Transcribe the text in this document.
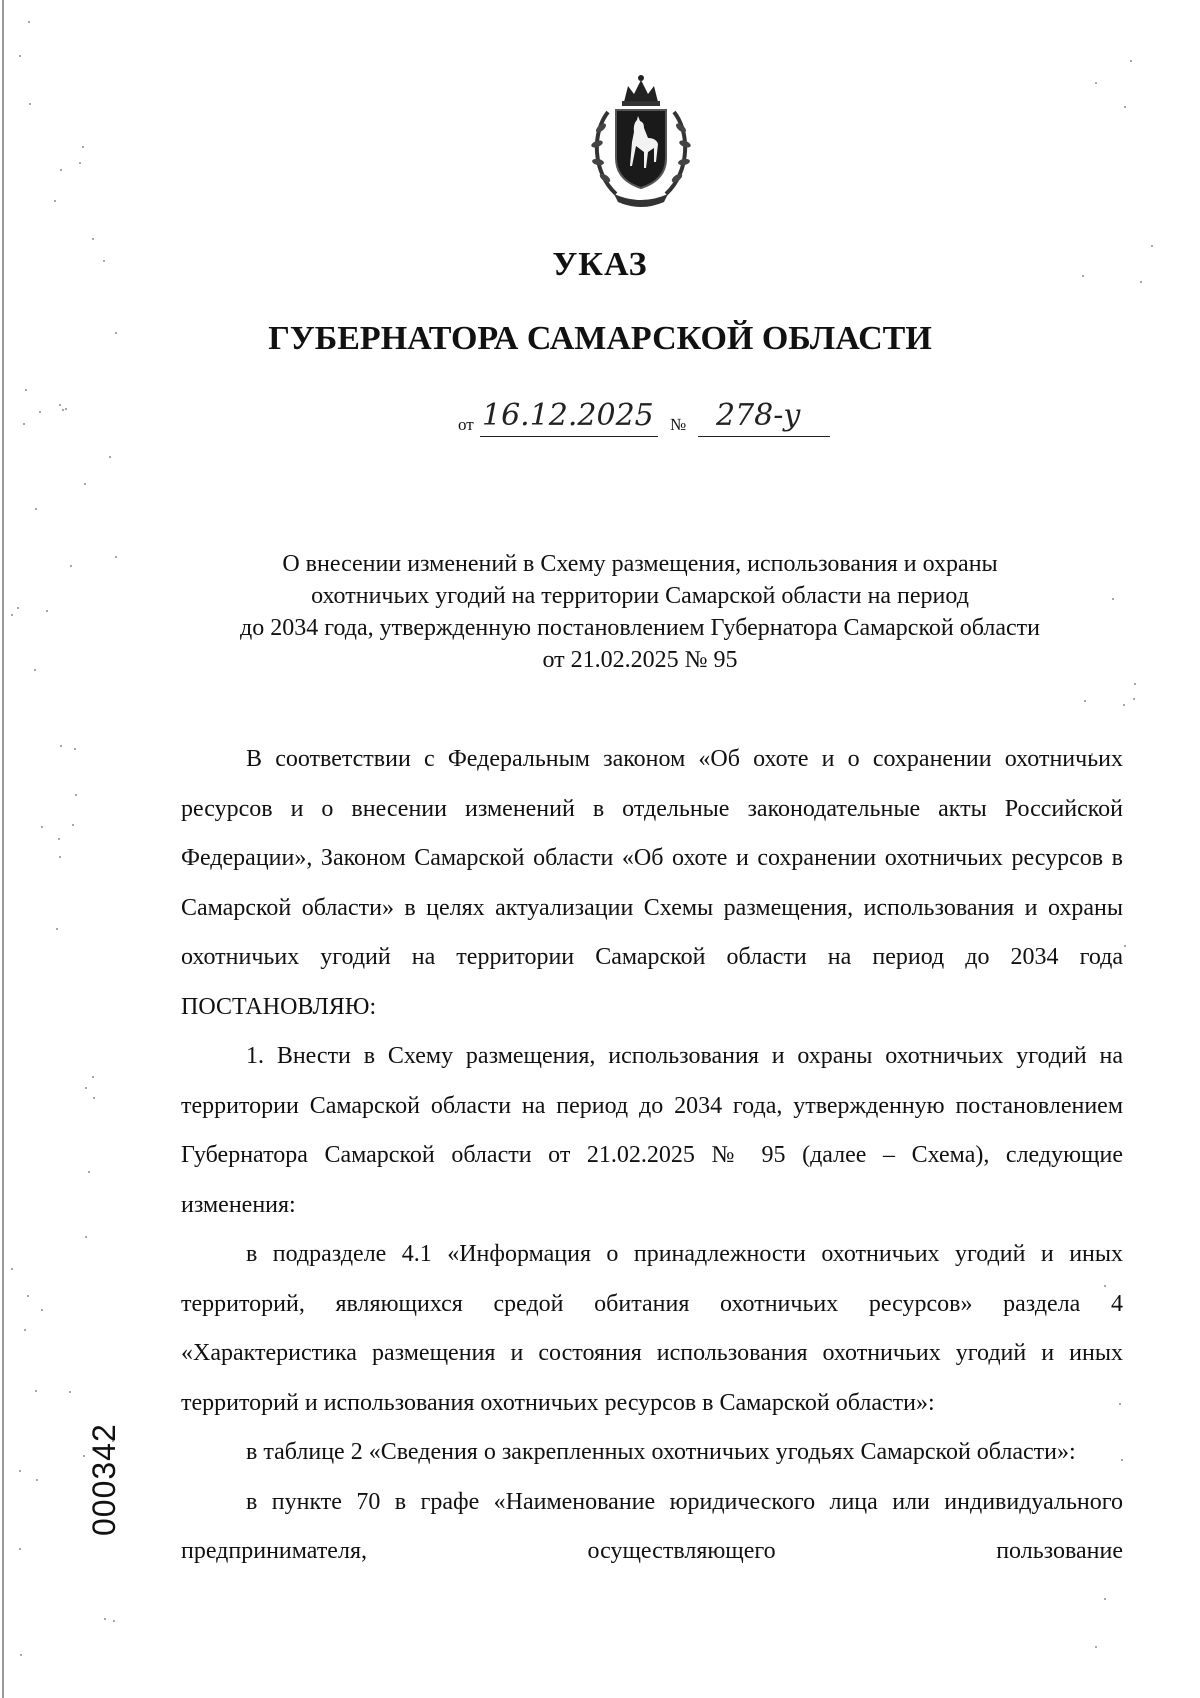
УКАЗ
ГУБЕРНАТОРА САМАРСКОЙ ОБЛАСТИ
от 16.12.2025 № 278-у
О внесении изменений в Схему размещения, использования и охраны
охотничьих угодий на территории Самарской области на период
до 2034 года, утвержденную постановлением Губернатора Самарской области
от 21.02.2025 № 95

В соответствии с Федеральным законом «Об охоте и о сохранении охотничьих ресурсов и о внесении изменений в отдельные законодательные акты Российской Федерации», Законом Самарской области «Об охоте и сохранении охотничьих ресурсов в Самарской области» в целях актуализации Схемы размещения, использования и охраны охотничьих угодий на территории Самарской области на период до 2034 года ПОСТАНОВЛЯЮ:

1. Внести в Схему размещения, использования и охраны охотничьих угодий на территории Самарской области на период до 2034 года, утвержденную постановлением Губернатора Самарской области от 21.02.2025 № 95 (далее – Схема), следующие изменения:

в подразделе 4.1 «Информация о принадлежности охотничьих угодий и иных территорий, являющихся средой обитания охотничьих ресурсов» раздела 4 «Характеристика размещения и состояния использования охотничьих угодий и иных территорий и использования охотничьих ресурсов в Самарской области»:

в таблице 2 «Сведения о закрепленных охотничьих угодьях Самарской области»:

в пункте 70 в графе «Наименование юридического лица или индивидуального предпринимателя, осуществляющего пользование

000342
